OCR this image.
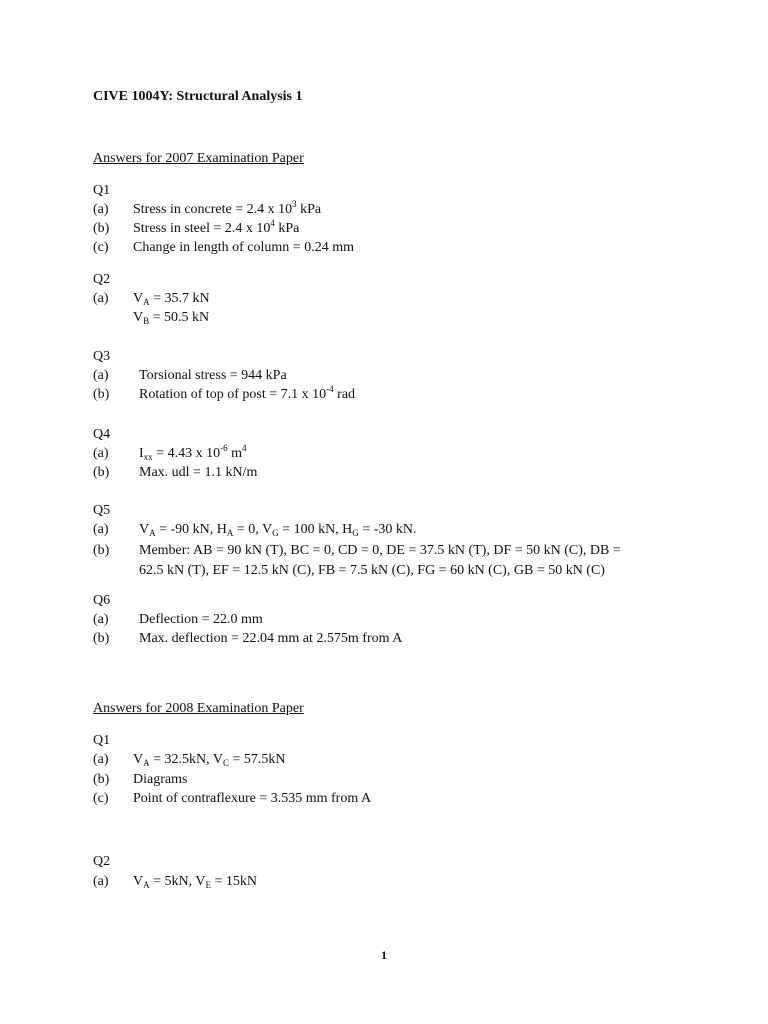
CIVE 1004Y: Structural Analysis 1
Answers for 2007 Examination Paper
Q1
(a) Stress in concrete = 2.4 x $10^3$ kPa
(b) Stress in steel = 2.4 x $10^4$ kPa
(c) Change in length of column = 0.24 mm
Q2
(a) $V_A = 35.7$ kN
$V_B = 50.5$ kN
Q3
(a) Torsional stress = 944 kPa
(b) Rotation of top of post = 7.1 x $10^{-4}$ rad
Q4
(a) $I_{xx} = 4.43$ x $10^{-6}$ $m^4$
(b) Max. udl = 1.1 kN/m
Q5
(a) $V_A = -90$ kN, $H_A = 0$, $V_G = 100$ kN, $H_G = -30$ kN.
(b) Member: AB = 90 kN (T), BC = 0, CD = 0, DE = 37.5 kN (T), DF = 50 kN (C), DB =
62.5 kN (T), EF = 12.5 kN (C), FB = 7.5 kN (C), FG = 60 kN (C), GB = 50 kN (C)
Q6
(a) Deflection = 22.0 mm
(b) Max. deflection = 22.04 mm at 2.575m from A
Answers for 2008 Examination Paper
Q1
(a) $V_A = 32.5kN$, $V_C = 57.5kN$
(b) Diagrams
(c) Point of contraflexure = 3.535 mm from A
Q2
(a) $V_A = 5kN$, $V_E = 15kN$
1
